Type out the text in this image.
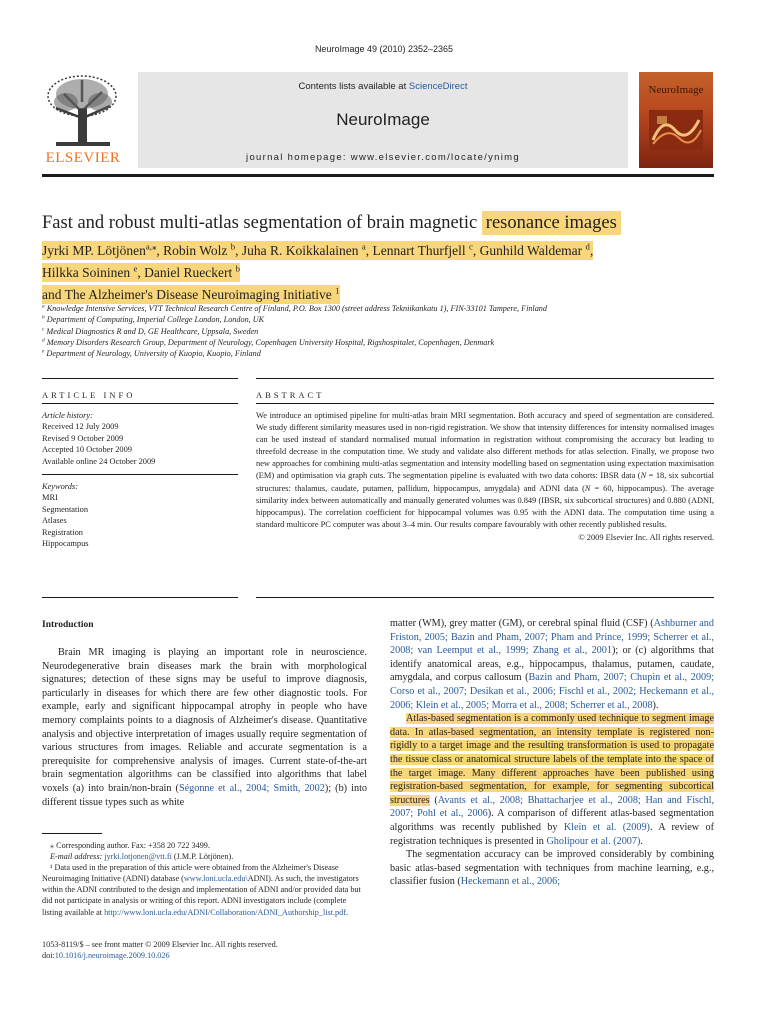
NeuroImage 49 (2010) 2352–2365
ELSEVIER
Contents lists available at ScienceDirect
NeuroImage
journal homepage: www.elsevier.com/locate/ynimg
NeuroImage
Fast and robust multi-atlas segmentation of brain magnetic resonance images
Jyrki MP. Lötjönen$^{a,⁎}$, Robin Wolz $^b$, Juha R. Koikkalainen $^a$, Lennart Thurfjell $^c$, Gunhild Waldemar $^d$,
Hilkka Soininen $^e$, Daniel Rueckert $^b$
and The Alzheimer's Disease Neuroimaging Initiative $^1$
$^a$ Knowledge Intensive Services, VTT Technical Research Centre of Finland, P.O. Box 1300 (street address Tekniikankatu 1), FIN-33101 Tampere, Finland
$^b$ Department of Computing, Imperial College London, London, UK
$^c$ Medical Diagnostics R and D, GE Healthcare, Uppsala, Sweden
$^d$ Memory Disorders Research Group, Department of Neurology, Copenhagen University Hospital, Rigshospitalet, Copenhagen, Denmark
$^e$ Department of Neurology, University of Kuopio, Kuopio, Finland
ARTICLE INFO	ABSTRACT
Article history:
Received 12 July 2009
Revised 9 October 2009
Accepted 10 October 2009
Available online 24 October 2009
Keywords:
MRI
Segmentation
Atlases
Registration
Hippocampus
We introduce an optimised pipeline for multi-atlas brain MRI segmentation. Both accuracy and speed of segmentation are considered. We study different similarity measures used in non-rigid registration. We show that intensity differences for intensity normalised images can be used instead of standard normalised mutual information in registration without compromising the accuracy but leading to threefold decrease in the computation time. We study and validate also different methods for atlas selection. Finally, we propose two new approaches for combining multi-atlas segmentation and intensity modelling based on segmentation using expectation maximisation (EM) and optimisation via graph cuts. The segmentation pipeline is evaluated with two data cohorts: IBSR data (N = 18, six subcortial structures: thalamus, caudate, putamen, pallidum, hippocampus, amygdala) and ADNI data (N = 60, hippocampus). The average similarity index between automatically and manually generated volumes was 0.849 (IBSR, six subcortical structures) and 0.880 (ADNI, hippocampus). The correlation coefficient for hippocampal volumes was 0.95 with the ADNI data. The computation time using a standard multicore PC computer was about 3–4 min. Our results compare favourably with other recently published results.
© 2009 Elsevier Inc. All rights reserved.
Introduction

Brain MR imaging is playing an important role in neuroscience. Neurodegenerative brain diseases mark the brain with morphological signatures; detection of these signs may be useful to improve diagnosis, particularly in diseases for which there are few other diagnostic tools. For example, early and significant hippocampal atrophy in people who have memory complaints points to a diagnosis of Alzheimer's disease. Quantitative analysis and objective interpretation of images usually require segmentation of various structures from images. Reliable and accurate segmentation is a prerequisite for comprehensive analysis of images. Current state-of-the-art brain segmentation algorithms can be classified into algorithms that label voxels (a) into brain/non-brain (Ségonne et al., 2004; Smith, 2002); (b) into different tissue types such as white

matter (WM), grey matter (GM), or cerebral spinal fluid (CSF) (Ashburner and Friston, 2005; Bazin and Pham, 2007; Pham and Prince, 1999; Scherrer et al., 2008; van Leemput et al., 1999; Zhang et al., 2001); or (c) algorithms that identify anatomical areas, e.g., hippocampus, thalamus, putamen, caudate, amygdala, and corpus callosum (Bazin and Pham, 2007; Chupin et al., 2009; Corso et al., 2007; Desikan et al., 2006; Fischl et al., 2002; Heckemann et al., 2006; Klein et al., 2005; Morra et al., 2008; Scherrer et al., 2008).

Atlas-based segmentation is a commonly used technique to segment image data. In atlas-based segmentation, an intensity template is registered non-rigidly to a target image and the resulting transformation is used to propagate the tissue class or anatomical structure labels of the template into the space of the target image. Many different approaches have been published using registration-based segmentation, for example, for segmenting subcortical structures (Avants et al., 2008; Bhattacharjee et al., 2008; Han and Fischl, 2007; Pohl et al., 2006). A comparison of different atlas-based segmentation algorithms was recently published by Klein et al. (2009). A review of registration techniques is presented in Gholipour et al. (2007).

The segmentation accuracy can be improved considerably by combining basic atlas-based segmentation with techniques from machine learning, e.g., classifier fusion (Heckemann et al., 2006;

⁎ Corresponding author. Fax: +358 20 722 3499.
E-mail address: jyrki.lotjonen@vtt.fi (J.M.P. Lötjönen).
¹ Data used in the preparation of this article were obtained from the Alzheimer's Disease Neuroimaging Initiative (ADNI) database (www.loni.ucla.edu\ADNI). As such, the investigators within the ADNI contributed to the design and implementation of ADNI and/or provided data but did not participate in analysis or writing of this report. ADNI investigators include (complete listing available at http://www.loni.ucla.edu/ADNI/Collaboration/ADNI_Authorship_list.pdf.
1053-8119/$ – see front matter © 2009 Elsevier Inc. All rights reserved.
doi:10.1016/j.neuroimage.2009.10.026
